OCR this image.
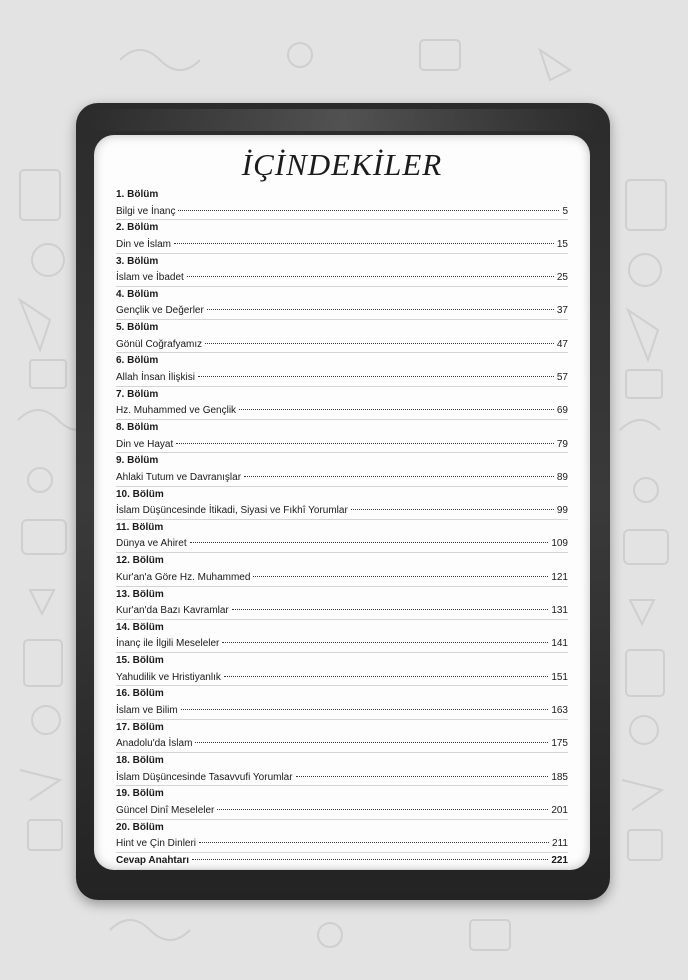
İÇİNDEKİLER
1. Bölüm
Bilgi ve İnanç	5
2. Bölüm
Din ve İslam	15
3. Bölüm
İslam ve İbadet	25
4. Bölüm
Gençlik ve Değerler	37
5. Bölüm
Gönül Coğrafyamız	47
6. Bölüm
Allah İnsan İlişkisi	57
7. Bölüm
Hz. Muhammed ve Gençlik	69
8. Bölüm
Din ve Hayat	79
9. Bölüm
Ahlaki Tutum ve Davranışlar	89
10. Bölüm
İslam Düşüncesinde İtikadi, Siyasi ve Fıkhî Yorumlar	99
11. Bölüm
Dünya ve Ahiret	109
12. Bölüm
Kur'an'a Göre Hz. Muhammed	121
13. Bölüm
Kur'an'da Bazı Kavramlar	131
14. Bölüm
İnanç ile İlgili Meseleler	141
15. Bölüm
Yahudilik ve Hristiyanlık	151
16. Bölüm
İslam ve Bilim	163
17. Bölüm
Anadolu'da İslam	175
18. Bölüm
İslam Düşüncesinde Tasavvufi Yorumlar	185
19. Bölüm
Güncel Dinî Meseleler	201
20. Bölüm
Hint ve Çin Dinleri	211
Cevap Anahtarı	221
